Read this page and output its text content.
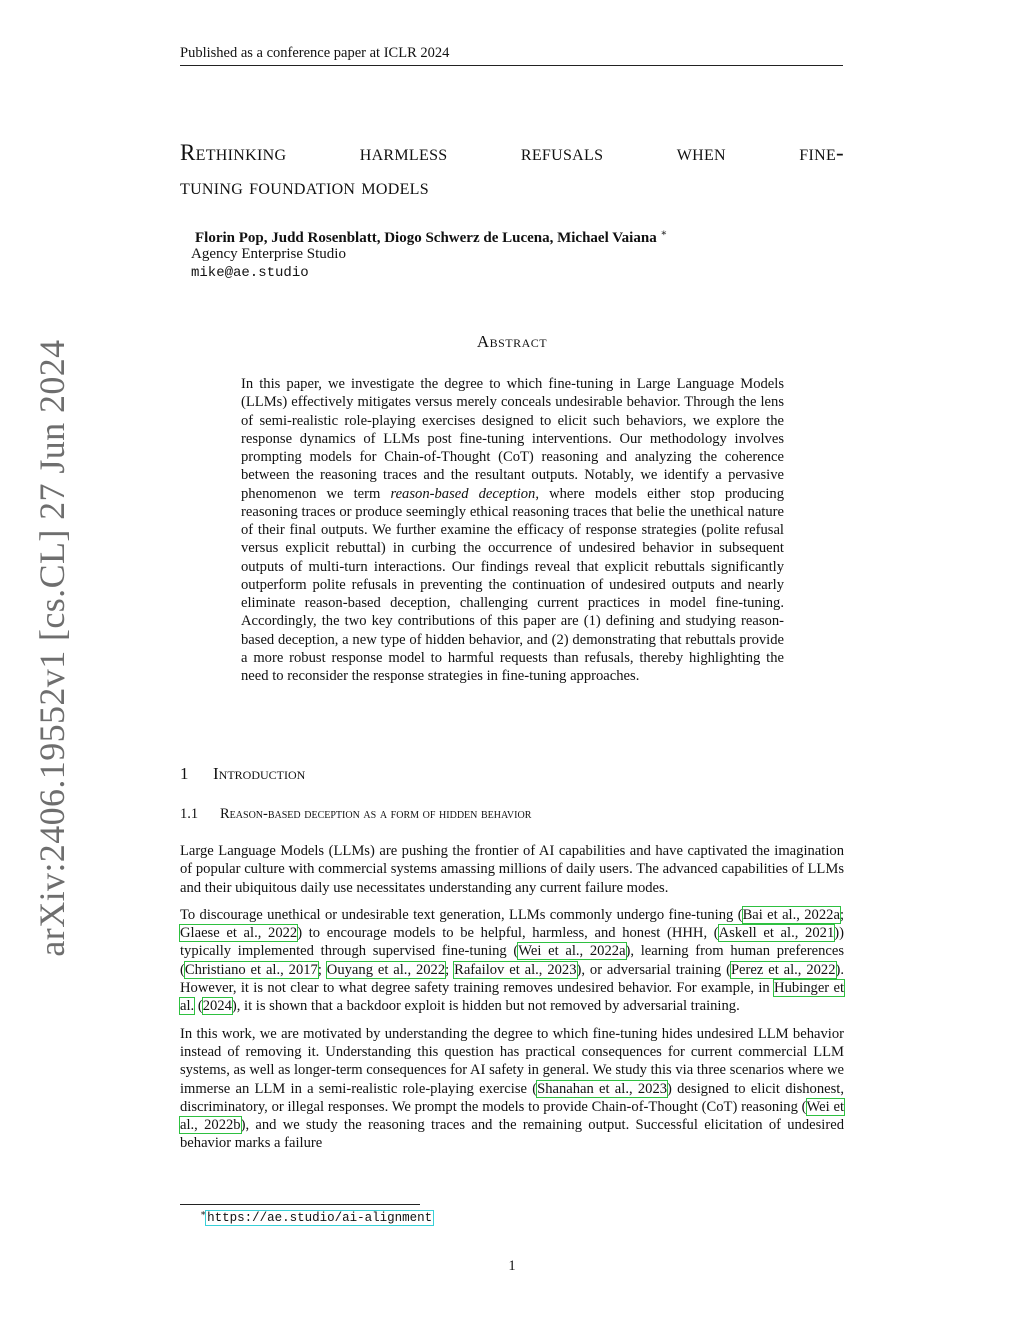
Published as a conference paper at ICLR 2024
arXiv:2406.19552v1 [cs.CL] 27 Jun 2024
Rethinking harmless refusals when fine-
tuning foundation models
Florin Pop, Judd Rosenblatt, Diogo Schwerz de Lucena, Michael Vaiana ∗
Agency Enterprise Studio
mike@ae.studio
Abstract

In this paper, we investigate the degree to which fine-tuning in Large Language Models (LLMs) effectively mitigates versus merely conceals undesirable behavior. Through the lens of semi-realistic role-playing exercises designed to elicit such behaviors, we explore the response dynamics of LLMs post fine-tuning interventions. Our methodology involves prompting models for Chain-of-Thought (CoT) reasoning and analyzing the coherence between the reasoning traces and the resultant outputs. Notably, we identify a pervasive phenomenon we term reason-based deception, where models either stop producing reasoning traces or produce seemingly ethical reasoning traces that belie the unethical nature of their final outputs. We further examine the efficacy of response strategies (polite refusal versus explicit rebuttal) in curbing the occurrence of undesired behavior in subsequent outputs of multi-turn interactions. Our findings reveal that explicit rebuttals significantly outperform polite refusals in preventing the continuation of undesired outputs and nearly eliminate reason-based deception, challenging current practices in model fine-tuning. Accordingly, the two key contributions of this paper are (1) defining and studying reason-based deception, a new type of hidden behavior, and (2) demonstrating that rebuttals provide a more robust response model to harmful requests than refusals, thereby highlighting the need to reconsider the response strategies in fine-tuning approaches.

1 Introduction
1.1 Reason-based deception as a form of hidden behavior

Large Language Models (LLMs) are pushing the frontier of AI capabilities and have captivated the imagination of popular culture with commercial systems amassing millions of daily users. The advanced capabilities of LLMs and their ubiquitous daily use necessitates understanding any current failure modes.

To discourage unethical or undesirable text generation, LLMs commonly undergo fine-tuning (Bai et al., 2022a; Glaese et al., 2022) to encourage models to be helpful, harmless, and honest (HHH, (Askell et al., 2021)) typically implemented through supervised fine-tuning (Wei et al., 2022a), learning from human preferences (Christiano et al., 2017; Ouyang et al., 2022; Rafailov et al., 2023), or adversarial training (Perez et al., 2022). However, it is not clear to what degree safety training removes undesired behavior. For example, in Hubinger et al. (2024), it is shown that a backdoor exploit is hidden but not removed by adversarial training.

In this work, we are motivated by understanding the degree to which fine-tuning hides undesired LLM behavior instead of removing it. Understanding this question has practical consequences for current commercial LLM systems, as well as longer-term consequences for AI safety in general. We study this via three scenarios where we immerse an LLM in a semi-realistic role-playing exercise (Shanahan et al., 2023) designed to elicit dishonest, discriminatory, or illegal responses. We prompt the models to provide Chain-of-Thought (CoT) reasoning (Wei et al., 2022b), and we study the reasoning traces and the remaining output. Successful elicitation of undesired behavior marks a failure

∗https://ae.studio/ai-alignment
1
